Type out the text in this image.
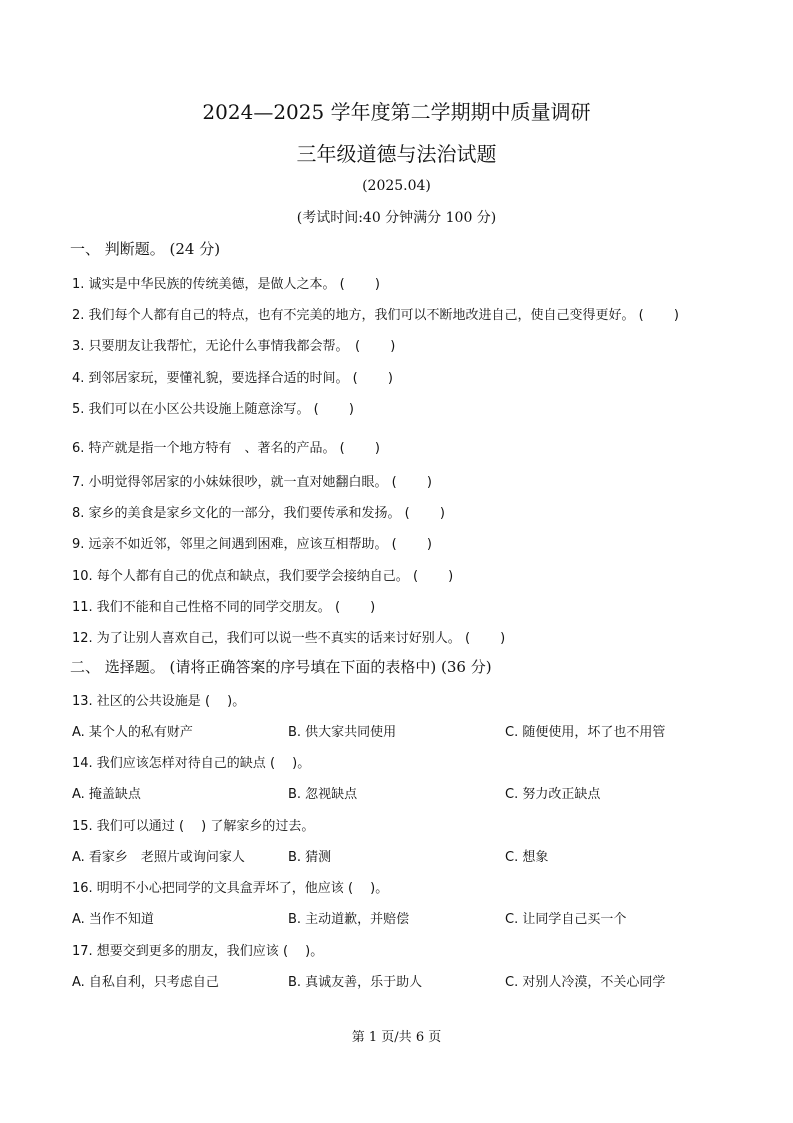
2024—2025 学年度第二学期期中质量调研
三年级道德与法治试题
(2025.04)
(考试时间:40 分钟满分 100 分)
一、 判断题。 (24 分)
1. 诚实是中华民族的传统美德，是做人之本。 (　　 )
2. 我们每个人都有自己的特点，也有不完美的地方，我们可以不断地改进自己，使自己变得更好。 (　　 )
3. 只要朋友让我帮忙，无论什么事情我都会帮。　(　　 )
4. 到邻居家玩，要懂礼貌，要选择合适的时间。 (　　 )
5. 我们可以在小区公共设施上随意涂写。 (　　 )
6. 特产就是指一个地方特有　、著名的产品。 (　　 )
7. 小明觉得邻居家的小妹妹很吵，就一直对她翻白眼。 (　　 )
8. 家乡的美食是家乡文化的一部分，我们要传承和发扬。 (　　 )
9. 远亲不如近邻，邻里之间遇到困难，应该互相帮助。 (　　 )
10. 每个人都有自己的优点和缺点，我们要学会接纳自己。 (　　 )
11. 我们不能和自己性格不同的同学交朋友。 (　　 )
12. 为了让别人喜欢自己，我们可以说一些不真实的话来讨好别人。 (　　 )
二、 选择题。 (请将正确答案的序号填在下面的表格中) (36 分)
13. 社区的公共设施是 (　 )。
A. 某个人的私有财产	B. 供大家共同使用	C. 随便使用，坏了也不用管
14. 我们应该怎样对待自己的缺点 (　 )。
A. 掩盖缺点	B. 忽视缺点	C. 努力改正缺点
15. 我们可以通过 (　 ) 了解家乡的过去。
A. 看家乡　老照片或询问家人	B. 猜测	C. 想象
16. 明明不小心把同学的文具盒弄坏了，他应该 (　 )。
A. 当作不知道	B. 主动道歉，并赔偿	C. 让同学自己买一个
17. 想要交到更多的朋友，我们应该 (　 )。
A. 自私自利，只考虑自己	B. 真诚友善，乐于助人	C. 对别人冷漠，不关心同学
第 1 页/共 6 页
